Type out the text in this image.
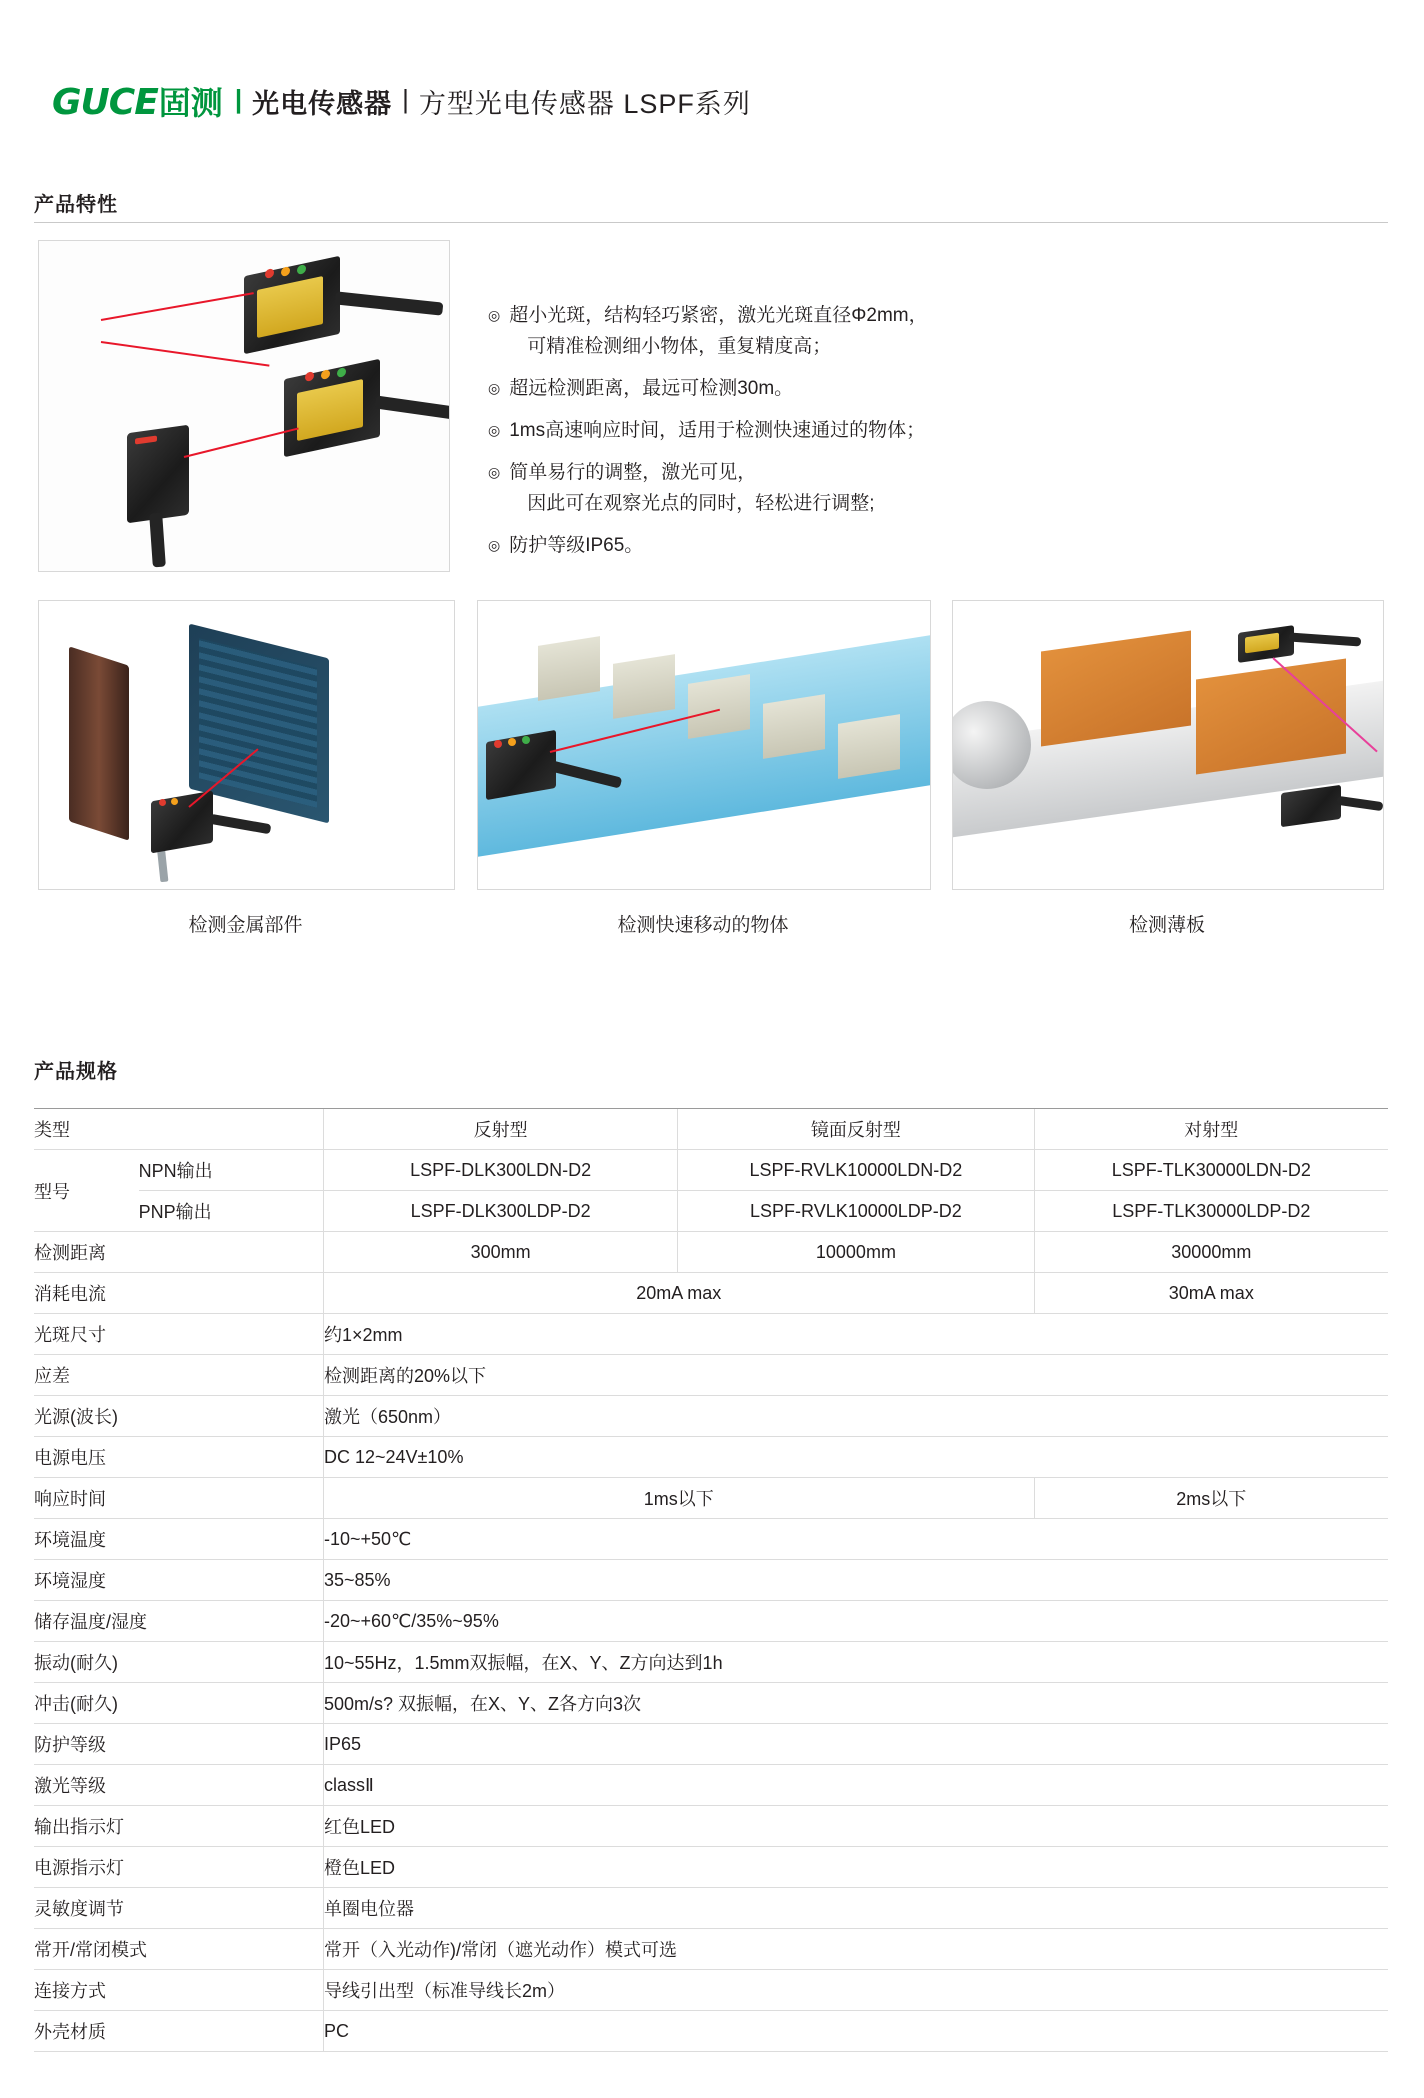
GUCE 固测 | 光电传感器 | 方型光电传感器 LSPF系列
产品特性
◎ 超小光斑，结构轻巧紧密，激光光斑直径Φ2mm，
可精准检测细小物体，重复精度高；
◎ 超远检测距离，最远可检测30m。
◎ 1ms高速响应时间，适用于检测快速通过的物体；
◎ 简单易行的调整，激光可见，
因此可在观察光点的同时，轻松进行调整;
◎ 防护等级IP65。
检测金属部件	检测快速移动的物体	检测薄板
产品规格
类型		反射型	镜面反射型	对射型
型号	NPN输出	LSPF-DLK300LDN-D2	LSPF-RVLK10000LDN-D2	LSPF-TLK30000LDN-D2
	PNP输出	LSPF-DLK300LDP-D2	LSPF-RVLK10000LDP-D2	LSPF-TLK30000LDP-D2
检测距离		300mm	10000mm	30000mm
消耗电流		20mA max		30mA max
光斑尺寸		约1×2mm		
应差		检测距离的20%以下		
光源(波长)		激光（650nm）		
电源电压		DC 12~24V±10%		
响应时间		1ms以下		2ms以下
环境温度		-10~+50℃		
环境湿度		35~85%		
储存温度/湿度		-20~+60℃/35%~95%		
振动(耐久)		10~55Hz，1.5mm双振幅，在X、Y、Z方向达到1h		
冲击(耐久)		500m/s? 双振幅，在X、Y、Z各方向3次		
防护等级		IP65		
激光等级		classⅡ		
输出指示灯		红色LED		
电源指示灯		橙色LED		
灵敏度调节		单圈电位器		
常开/常闭模式		常开（入光动作)/常闭（遮光动作）模式可选		
连接方式		导线引出型（标准导线长2m）		
外壳材质		PC		
